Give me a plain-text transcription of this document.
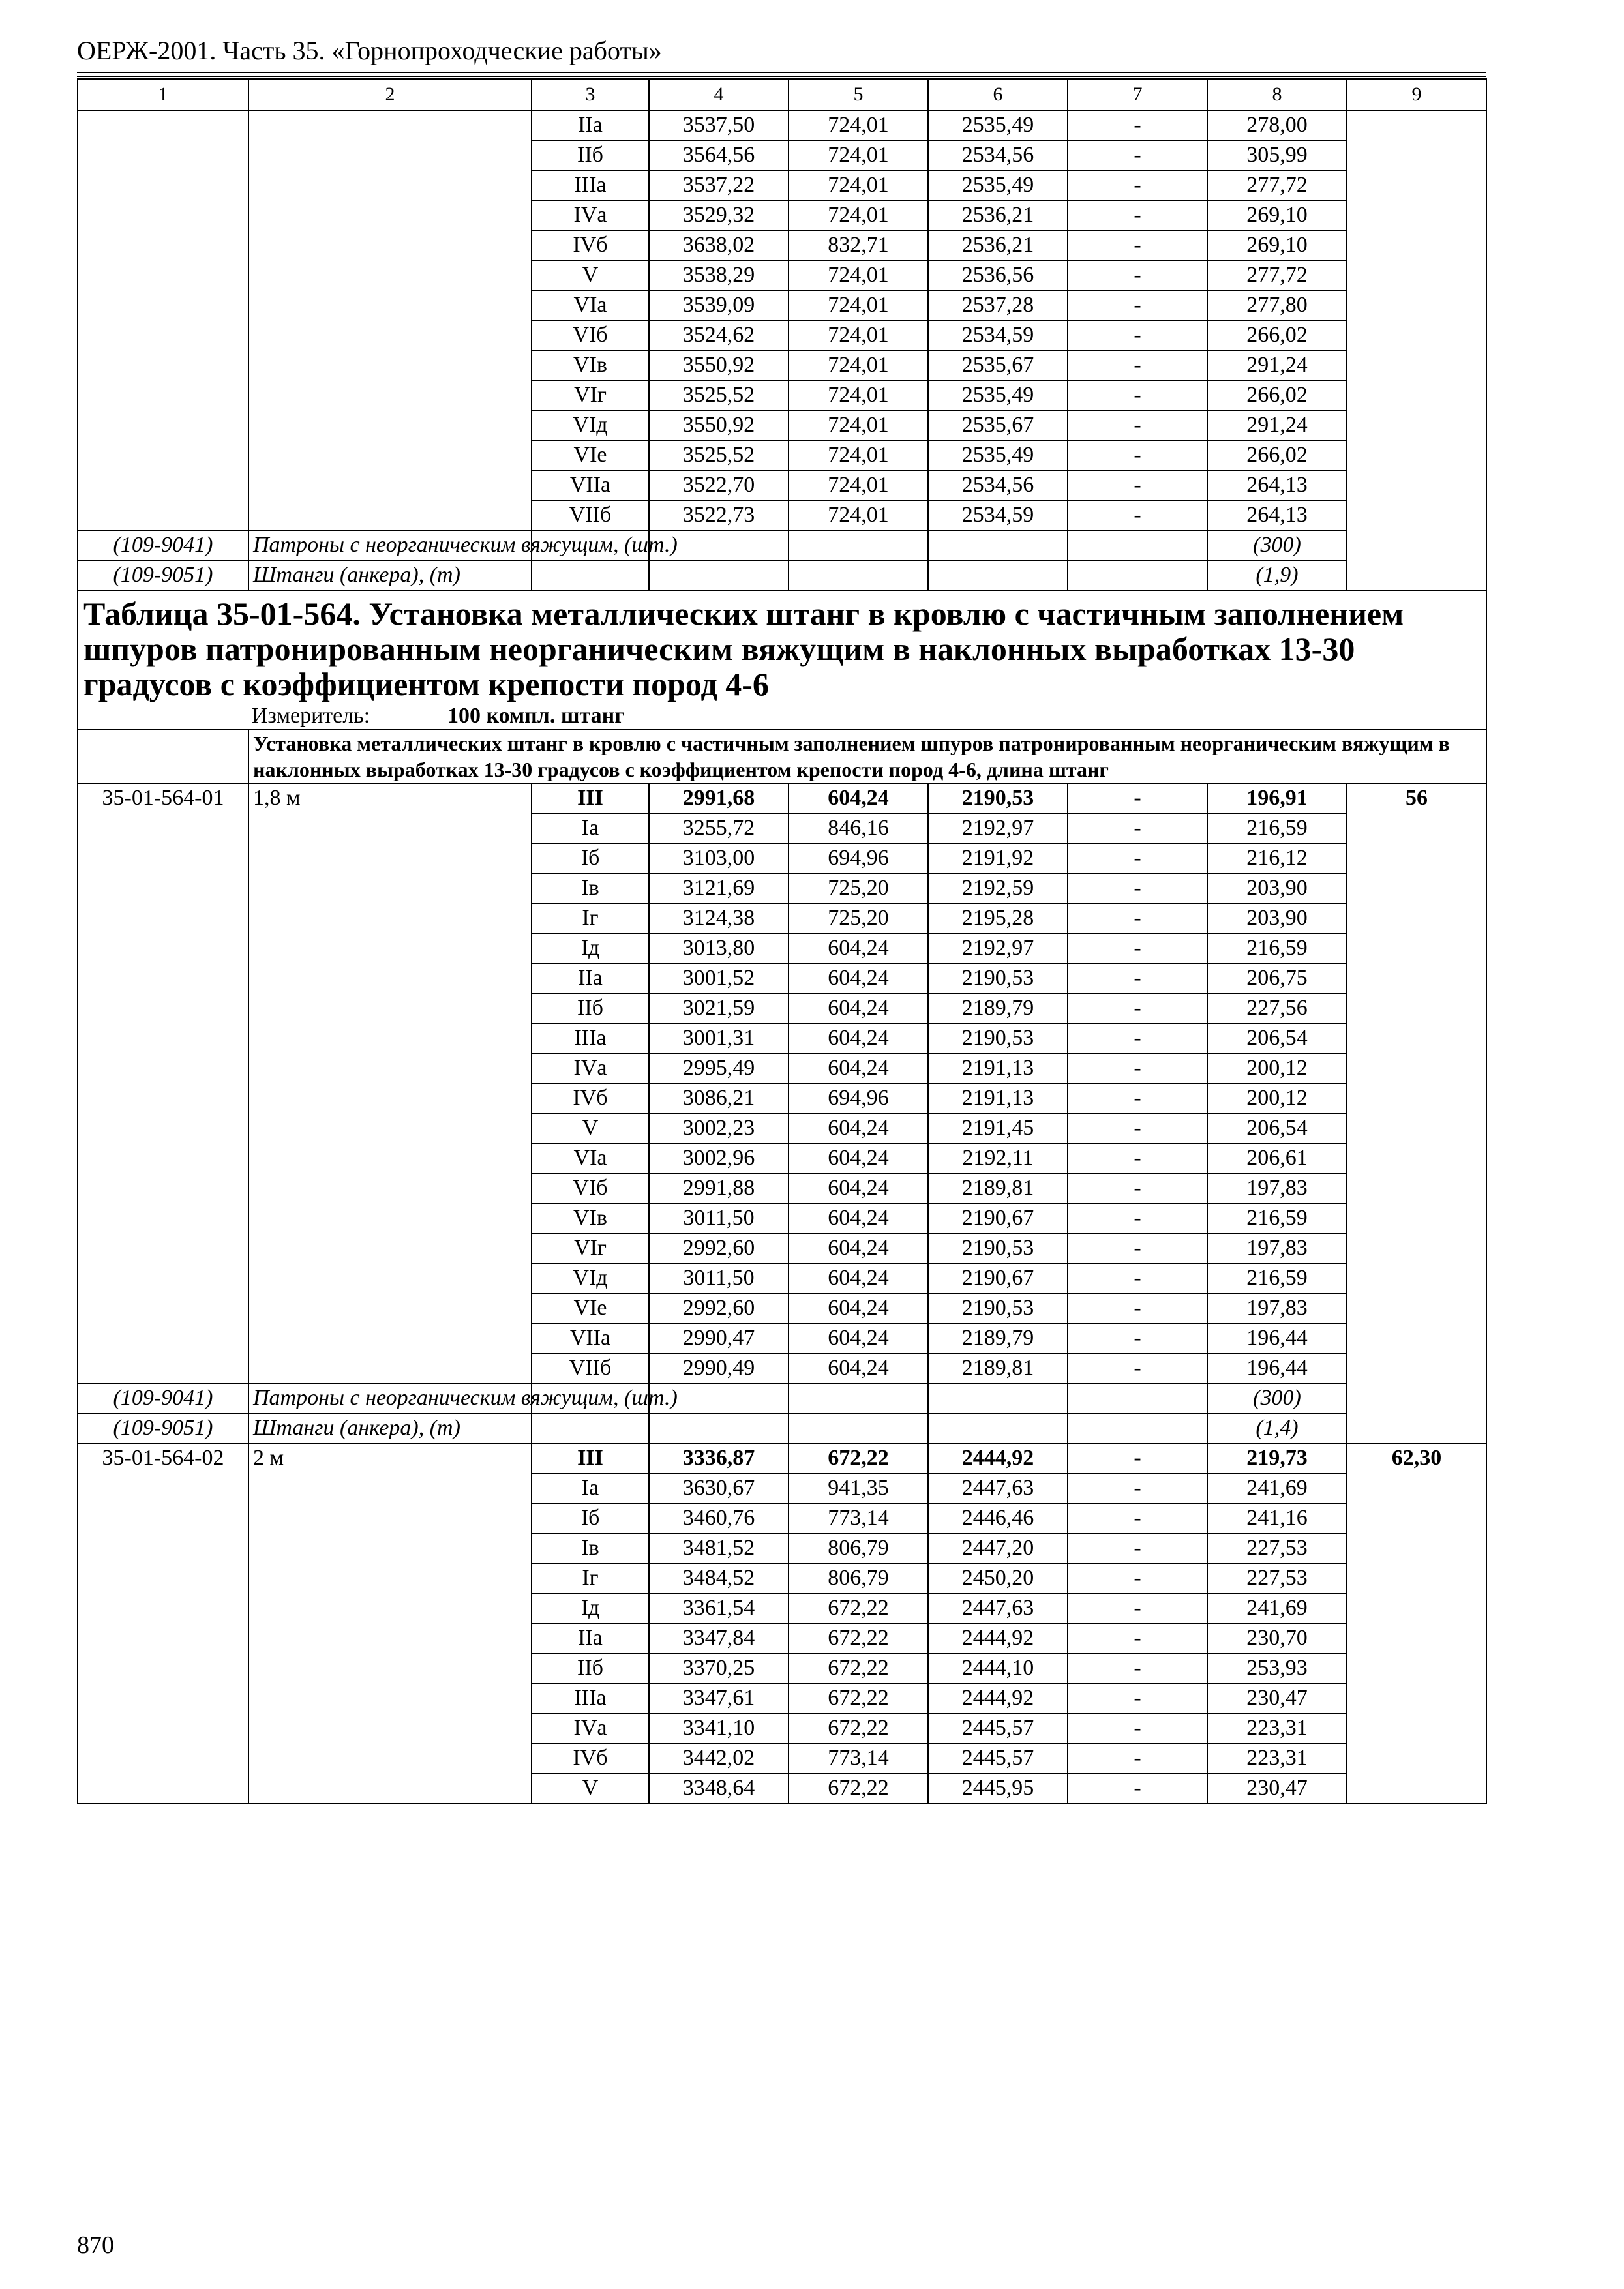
ОЕРЖ-2001. Часть 35. «Горнопроходческие работы»
1	2	3	4	5	6	7	8	9
		IIа	3537,50	724,01	2535,49	-	278,00	
		IIб	3564,56	724,01	2534,56	-	305,99	
		IIIа	3537,22	724,01	2535,49	-	277,72	
		IVа	3529,32	724,01	2536,21	-	269,10	
		IVб	3638,02	832,71	2536,21	-	269,10	
		V	3538,29	724,01	2536,56	-	277,72	
		VIа	3539,09	724,01	2537,28	-	277,80	
		VIб	3524,62	724,01	2534,59	-	266,02	
		VIв	3550,92	724,01	2535,67	-	291,24	
		VIг	3525,52	724,01	2535,49	-	266,02	
		VIд	3550,92	724,01	2535,67	-	291,24	
		VIе	3525,52	724,01	2535,49	-	266,02	
		VIIа	3522,70	724,01	2534,56	-	264,13	
		VIIб	3522,73	724,01	2534,59	-	264,13	
(109-9041)	Патроны с неорганическим вяжущим, (шт.)						(300)	
(109-9051)	Штанги (анкера), (т)						(1,9)	
Таблица 35-01-564. Установка металлических штанг в кровлю с частичным заполнением шпуров патронированным неорганическим вяжущим в наклонных выработках 13-30 градусов с коэффициентом крепости пород 4-6								
Измеритель: 100 компл. штанг								
	Установка металлических штанг в кровлю с частичным заполнением шпуров патронированным неорганическим вяжущим в наклонных выработках 13-30 градусов с коэффициентом крепости пород 4-6, длина штанг							
35-01-564-01	1,8 м	III	2991,68	604,24	2190,53	-	196,91	56
		Iа	3255,72	846,16	2192,97	-	216,59	
		Iб	3103,00	694,96	2191,92	-	216,12	
		Iв	3121,69	725,20	2192,59	-	203,90	
		Iг	3124,38	725,20	2195,28	-	203,90	
		Iд	3013,80	604,24	2192,97	-	216,59	
		IIа	3001,52	604,24	2190,53	-	206,75	
		IIб	3021,59	604,24	2189,79	-	227,56	
		IIIа	3001,31	604,24	2190,53	-	206,54	
		IVа	2995,49	604,24	2191,13	-	200,12	
		IVб	3086,21	694,96	2191,13	-	200,12	
		V	3002,23	604,24	2191,45	-	206,54	
		VIа	3002,96	604,24	2192,11	-	206,61	
		VIб	2991,88	604,24	2189,81	-	197,83	
		VIв	3011,50	604,24	2190,67	-	216,59	
		VIг	2992,60	604,24	2190,53	-	197,83	
		VIд	3011,50	604,24	2190,67	-	216,59	
		VIе	2992,60	604,24	2190,53	-	197,83	
		VIIа	2990,47	604,24	2189,79	-	196,44	
		VIIб	2990,49	604,24	2189,81	-	196,44	
(109-9041)	Патроны с неорганическим вяжущим, (шт.)						(300)	
(109-9051)	Штанги (анкера), (т)						(1,4)	
35-01-564-02	2 м	III	3336,87	672,22	2444,92	-	219,73	62,30
		Iа	3630,67	941,35	2447,63	-	241,69	
		Iб	3460,76	773,14	2446,46	-	241,16	
		Iв	3481,52	806,79	2447,20	-	227,53	
		Iг	3484,52	806,79	2450,20	-	227,53	
		Iд	3361,54	672,22	2447,63	-	241,69	
		IIа	3347,84	672,22	2444,92	-	230,70	
		IIб	3370,25	672,22	2444,10	-	253,93	
		IIIа	3347,61	672,22	2444,92	-	230,47	
		IVа	3341,10	672,22	2445,57	-	223,31	
		IVб	3442,02	773,14	2445,57	-	223,31	
		V	3348,64	672,22	2445,95	-	230,47	
870
